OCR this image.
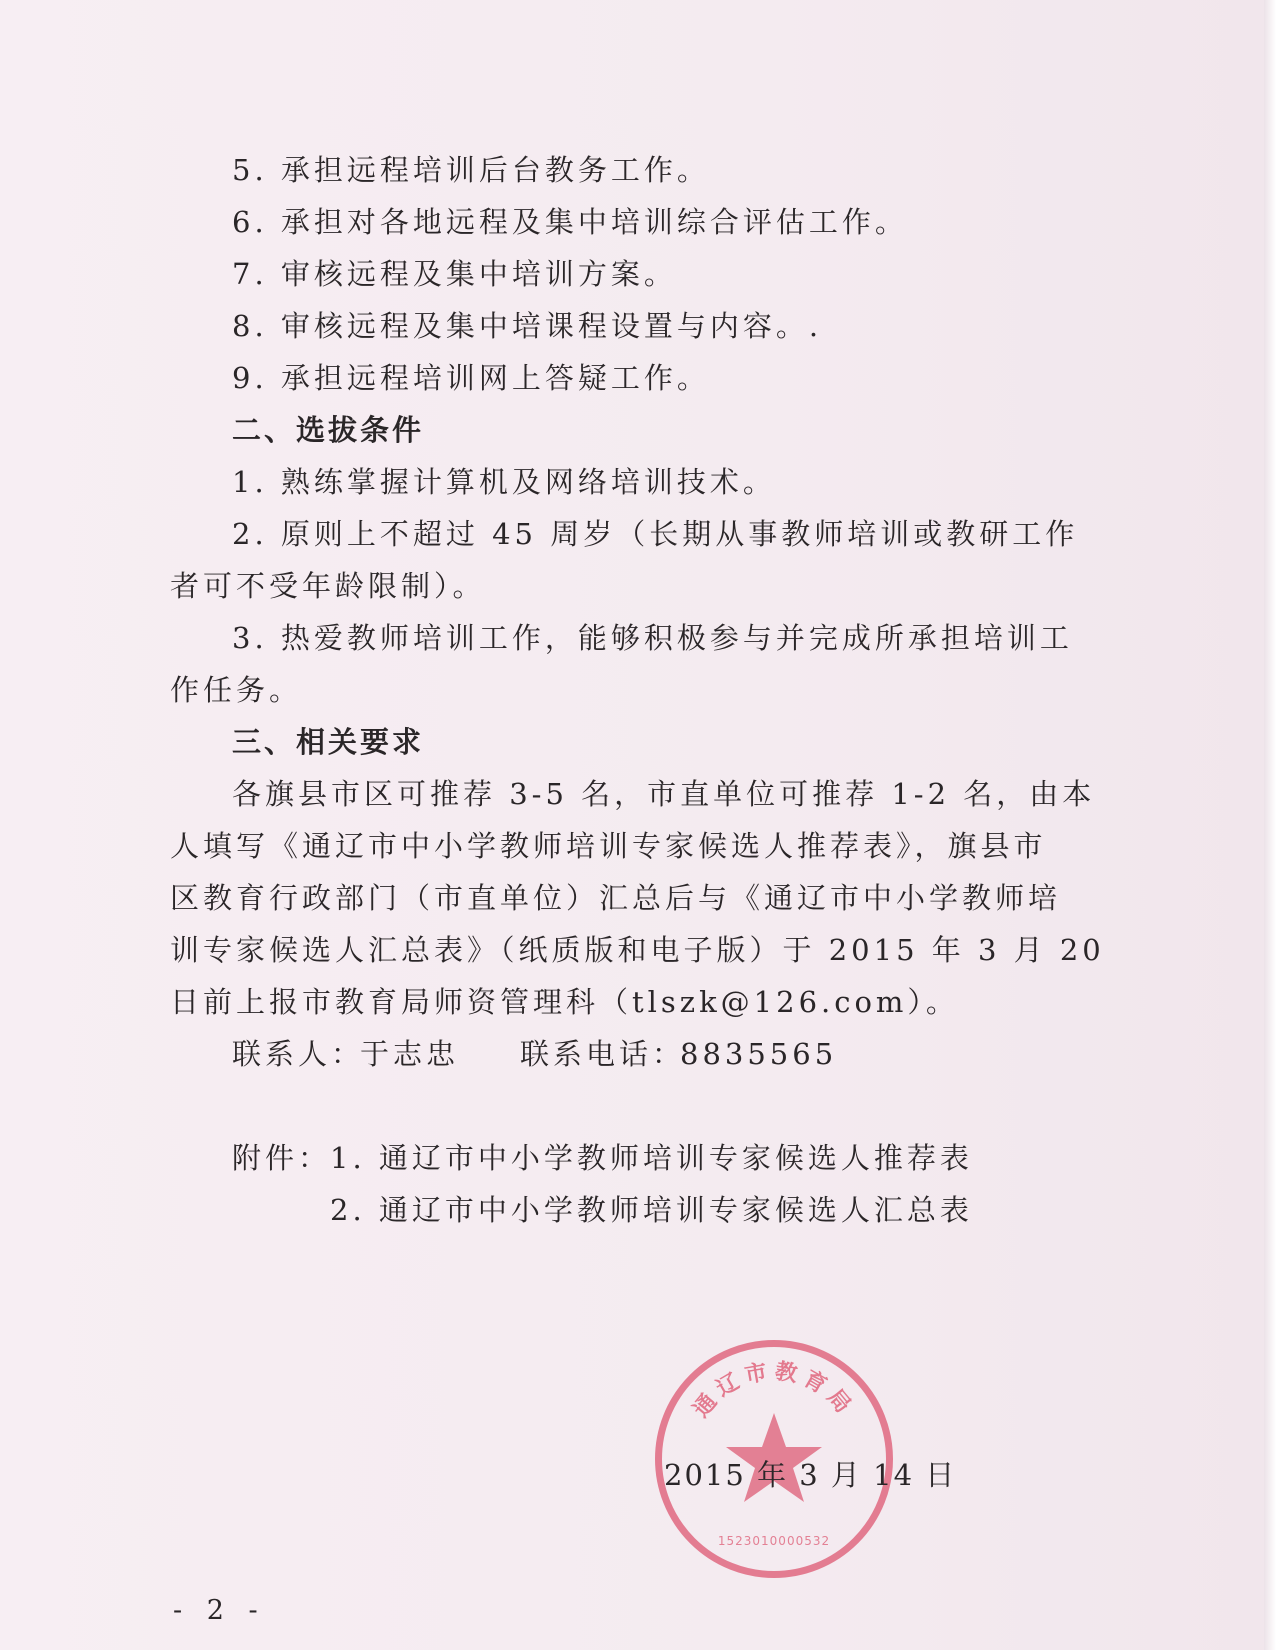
5. 承担远程培训后台教务工作。
6. 承担对各地远程及集中培训综合评估工作。
7. 审核远程及集中培训方案。
8. 审核远程及集中培课程设置与内容。.
9. 承担远程培训网上答疑工作。
二、选拔条件
1. 熟练掌握计算机及网络培训技术。
2. 原则上不超过 45 周岁（长期从事教师培训或教研工作
者可不受年龄限制）。
3. 热爱教师培训工作，能够积极参与并完成所承担培训工
作任务。
三、相关要求
各旗县市区可推荐 3-5 名，市直单位可推荐 1-2 名，由本
人填写《通辽市中小学教师培训专家候选人推荐表》，旗县市
区教育行政部门（市直单位）汇总后与《通辽市中小学教师培
训专家候选人汇总表》（纸质版和电子版）于 2015 年 3 月 20
日前上报市教育局师资管理科（tlszk@126.com）。
联系人：
于志忠 联系电话：
8835565
附件：
1. 通辽市中小学教师培训专家候选人推荐表
2. 通辽市中小学教师培训专家候选人汇总表
通辽市教育局
1523010000532
2015 年 3 月 14 日
- 2 -
